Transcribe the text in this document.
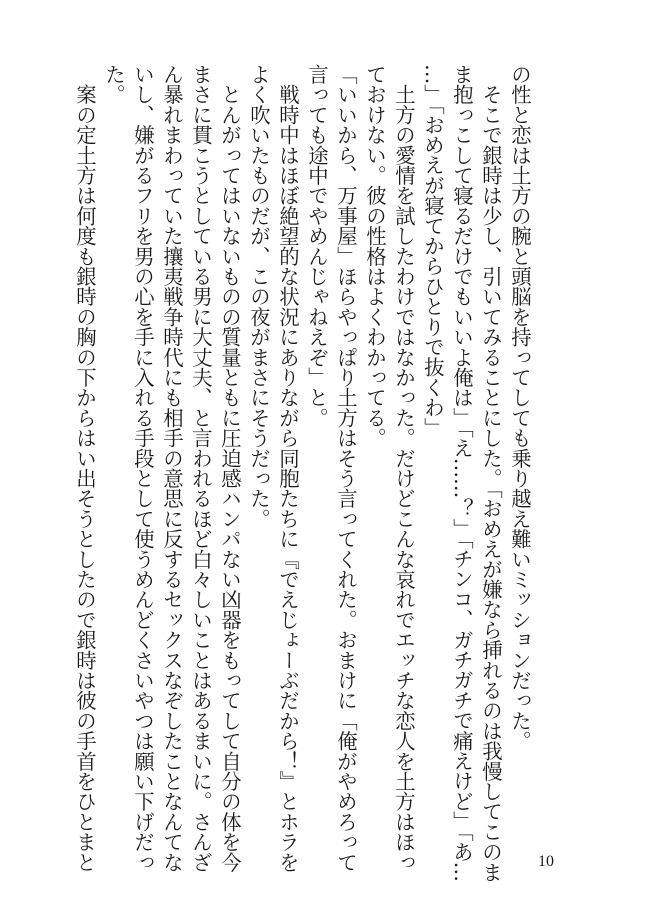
の性と恋は土方の腕と頭脳を持ってしても乗り越え難いミッションだった。

　そこで銀時は少し、引いてみることにした。「おめえが嫌なら挿れるのは我慢してこのま

ま抱っこして寝るだけでもいいよ俺は」「え……？」「チンコ、ガチガチで痛えけど」「あ…

…」「おめえが寝てからひとりで抜くわ」

　土方の愛情を試したわけではなかった。だけどこんな哀れでエッチな恋人を土方はほっ

ておけない。彼の性格はよくわかってる。

「いいから、万事屋」ほらやっぱり土方はそう言ってくれた。おまけに「俺がやめろって

言っても途中でやめんじゃねえぞ」と。

　戦時中はほぼ絶望的な状況にありながら同胞たちに『でえじょーぶだから！』とホラを

よく吹いたものだが、この夜がまさにそうだった。

　とんがってはいないものの質量ともに圧迫感ハンパない凶器をもってして自分の体を今

まさに貫こうとしている男に大丈夫、と言われるほど白々しいことはあるまいに。さんざ

ん暴れまわっていた攘夷戦争時代にも相手の意思に反するセックスなぞしたことなんてな

いし、嫌がるフリを男の心を手に入れる手段として使うめんどくさいやつは願い下げだっ

た。

　案の定土方は何度も銀時の胸の下からはい出そうとしたので銀時は彼の手首をひとまと	10
